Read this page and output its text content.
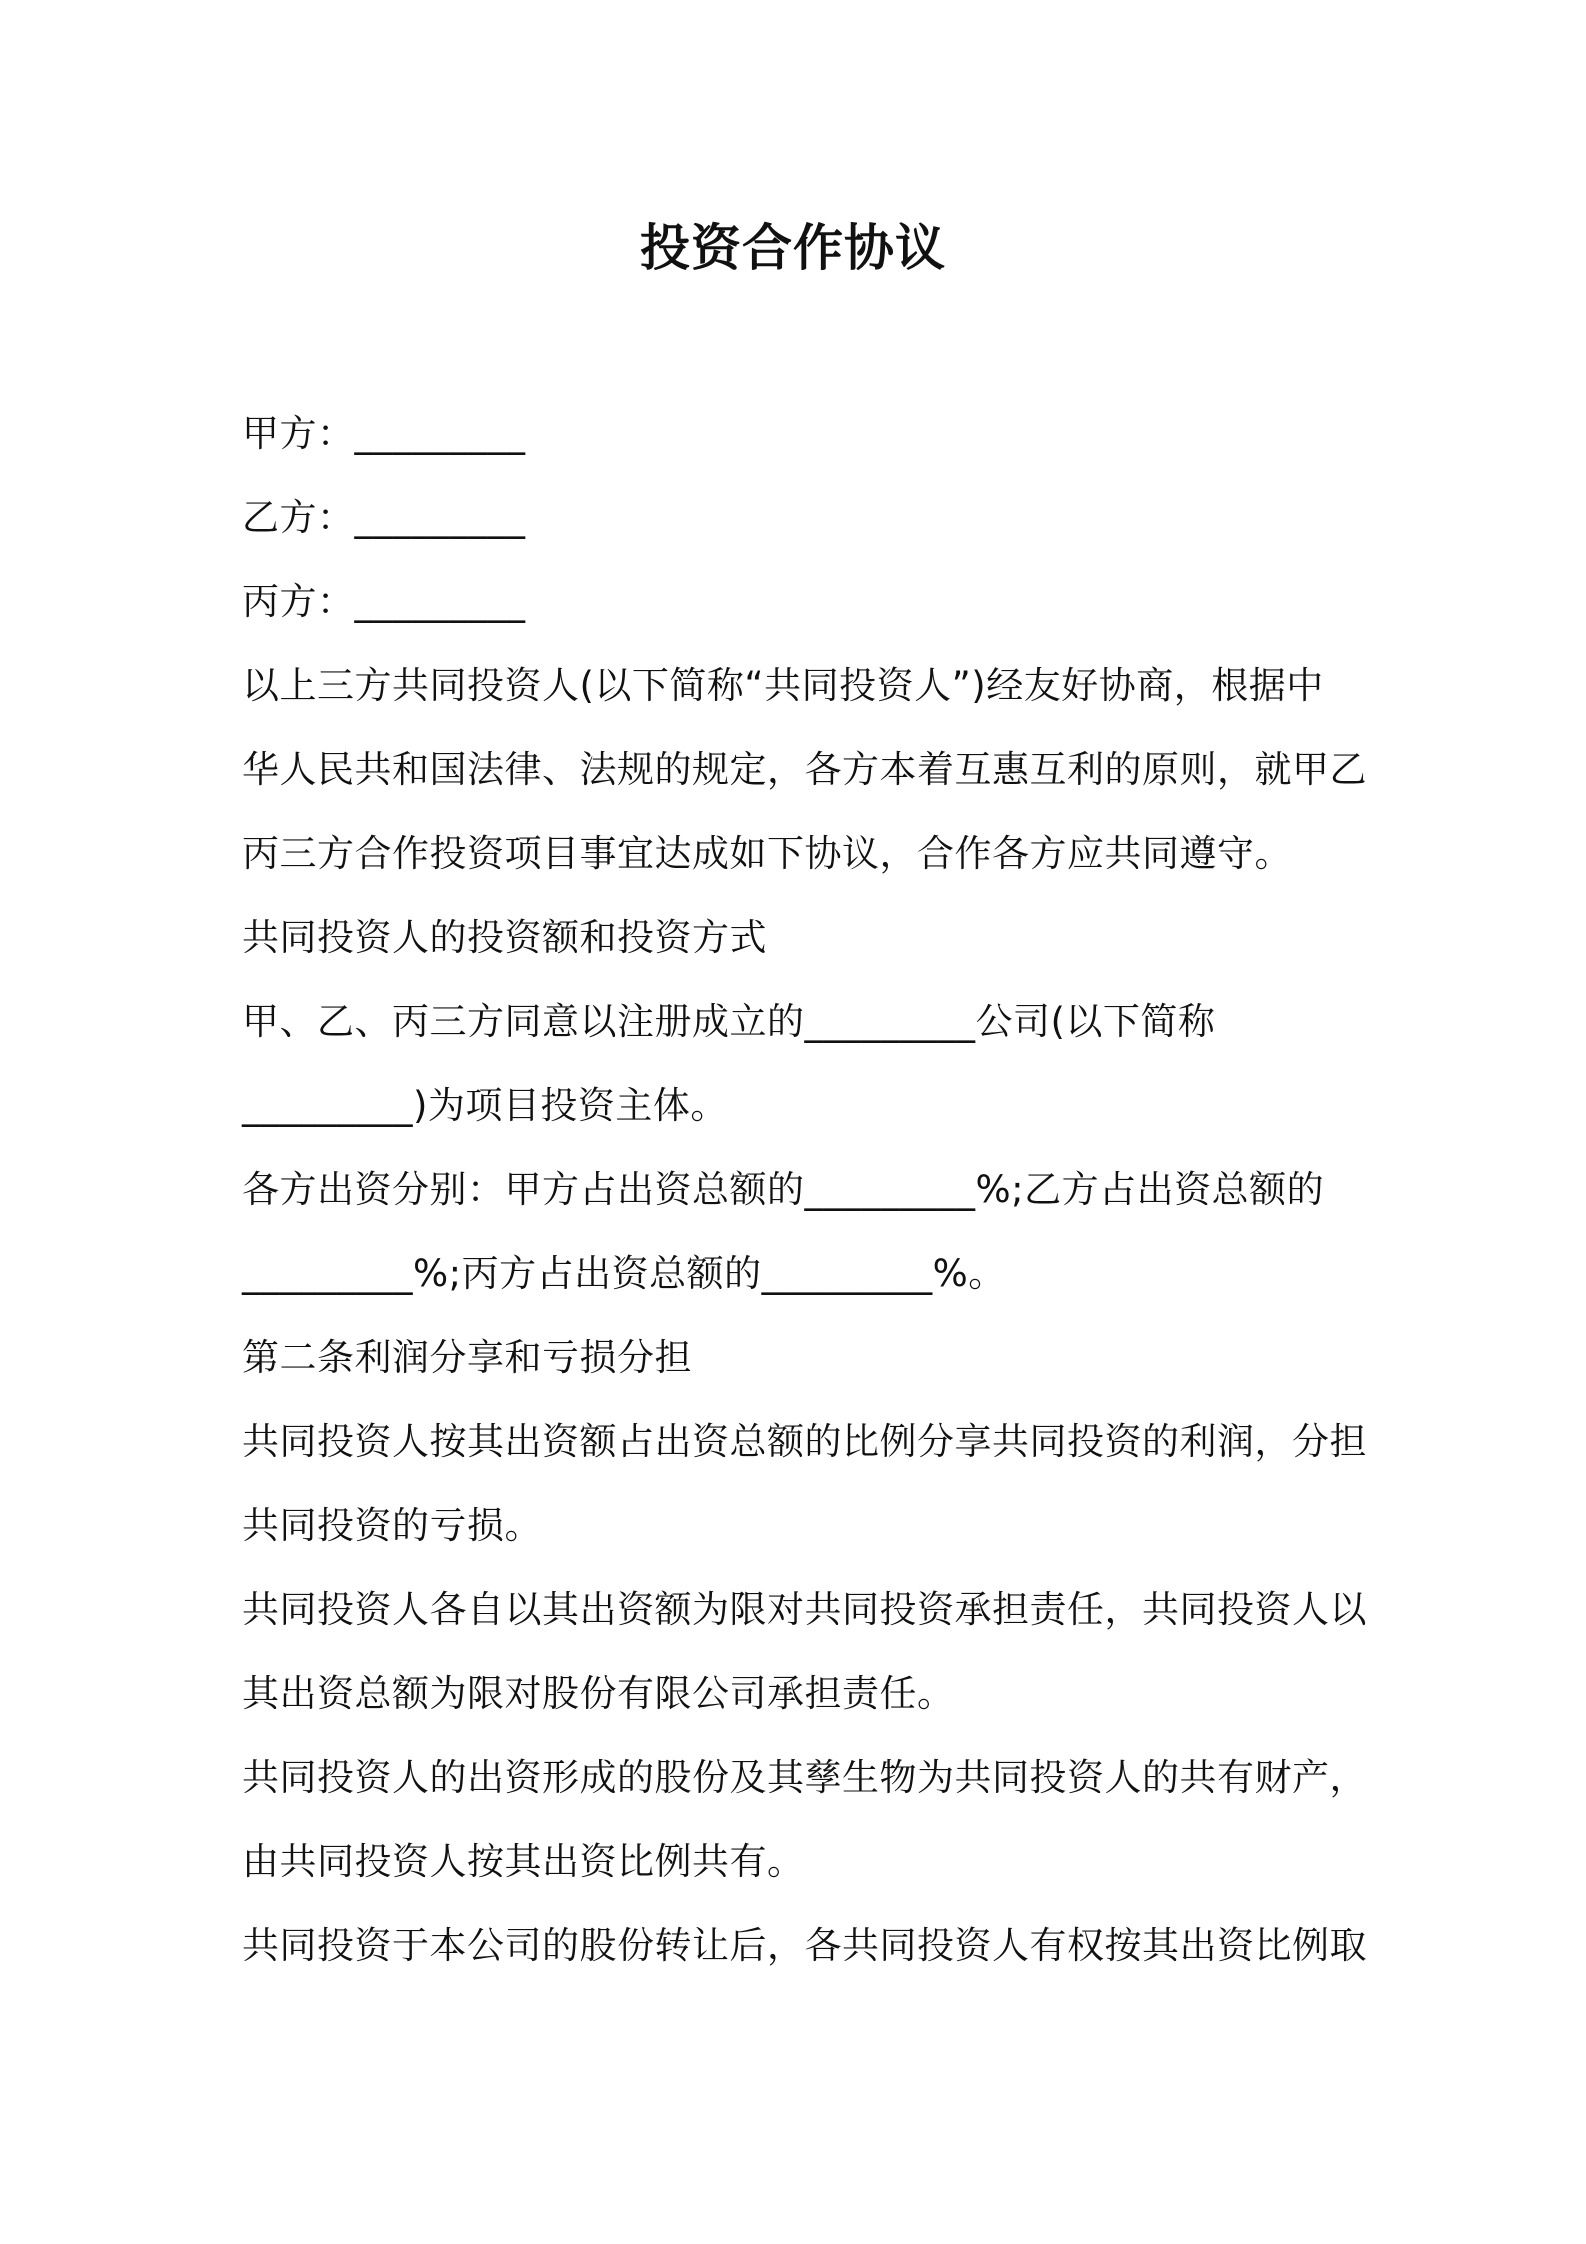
投资合作协议

甲方：_________

乙方：_________

丙方：_________

以上三方共同投资人(以下简称“共同投资人”)经友好协商，根据中

华人民共和国法律、法规的规定，各方本着互惠互利的原则，就甲乙

丙三方合作投资项目事宜达成如下协议，合作各方应共同遵守。

共同投资人的投资额和投资方式

甲、乙、丙三方同意以注册成立的_________公司(以下简称

_________)为项目投资主体。

各方出资分别：甲方占出资总额的_________%;乙方占出资总额的

_________%;丙方占出资总额的_________%。

第二条利润分享和亏损分担

共同投资人按其出资额占出资总额的比例分享共同投资的利润，分担

共同投资的亏损。

共同投资人各自以其出资额为限对共同投资承担责任，共同投资人以

其出资总额为限对股份有限公司承担责任。

共同投资人的出资形成的股份及其孳生物为共同投资人的共有财产，

由共同投资人按其出资比例共有。

共同投资于本公司的股份转让后，各共同投资人有权按其出资比例取
